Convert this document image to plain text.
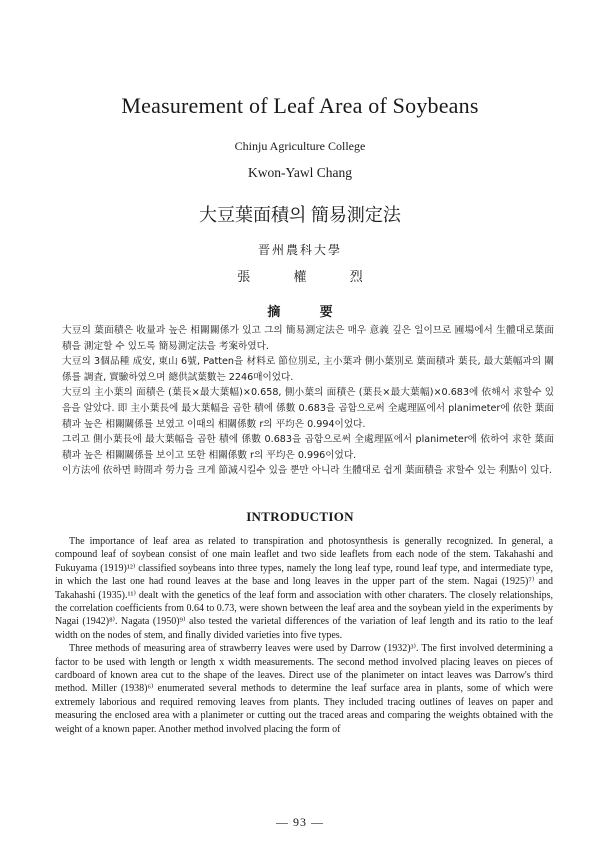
Measurement of Leaf Area of Soybeans
Chinju Agriculture College
Kwon-Yawl Chang
大豆葉面積의 簡易測定法
晋州農科大學
張 權 烈
摘 要

大豆의 葉面積은 收量과 높은 相關關係가 있고 그의 簡易測定法은 매우 意義 깊은 일이므로 圃場에서 生體대로葉面積을 測定할 수 있도록 簡易測定法을 考案하였다.

大豆의 3個品種 成安, 東山 6號, Patten을 材料로 節位別로, 主小葉과 側小葉別로 葉面積과 葉長, 最大葉幅과의 關係를 調査, 實驗하였으며 總供試葉數는 2246매이었다.

大豆의 主小葉의 面積은 (葉長×最大葉幅)×0.658, 側小葉의 面積은 (葉長×最大葉幅)×0.683에 依해서 求할수 있음을 알았다. 即 主小葉長에 最大葉幅을 곱한 積에 係數 0.683을 곱함으로써 全處理區에서 planimeter에 依한 葉面積과 높은 相關關係를 보였고 이때의 相關係數 r의 平均은 0.994이었다.

그리고 側小葉長에 最大葉幅을 곱한 積에 係數 0.683을 곱함으로써 全處理區에서 planimeter에 依하여 求한 葉面積과 높은 相關關係를 보이고 또한 相關係數 r의 平均은 0.996이었다.

이方法에 依하면 時間과 勞力을 크게 節減시킬수 있을 뿐만 아니라 生體대로 쉽게 葉面積을 求할수 있는 利點이 있다.

INTRODUCTION

The importance of leaf area as related to transpiration and photosynthesis is generally recognized. In general, a compound leaf of soybean consist of one main leaflet and two side leaflets from each node of the stem. Takahashi and Fukuyama (1919)¹²⁾ classified soybeans into three types, namely the long leaf type, round leaf type, and intermediate type, in which the last one had round leaves at the base and long leaves in the upper part of the stem. Nagai (1925)⁷⁾ and Takahashi (1935).¹¹⁾ dealt with the genetics of the leaf form and association with other charaters. The closely relationships, the correlation coefficients from 0.64 to 0.73, were shown between the leaf area and the soybean yield in the experiments by Nagai (1942)⁸⁾. Nagata (1950)⁹⁾ also tested the varietal differences of the variation of leaf length and its ratio to the leaf width on the nodes of stem, and finally divided varieties into five types.

Three methods of measuring area of strawberry leaves were used by Darrow (1932)³⁾. The first involved determining a factor to be used with length or length x width measurements. The second method involved placing leaves on pieces of cardboard of known area cut to the shape of the leaves. Direct use of the planimeter on intact leaves was Darrow's third method. Miller (1938)⁶⁾ enumerated several methods to determine the leaf surface area in plants, some of which were extremely laborious and required removing leaves from plants. They included tracing outlines of leaves on paper and measuring the enclosed area with a planimeter or cutting out the traced areas and comparing the weights obtained with the weight of a known paper. Another method involved placing the form of

— 93 —
